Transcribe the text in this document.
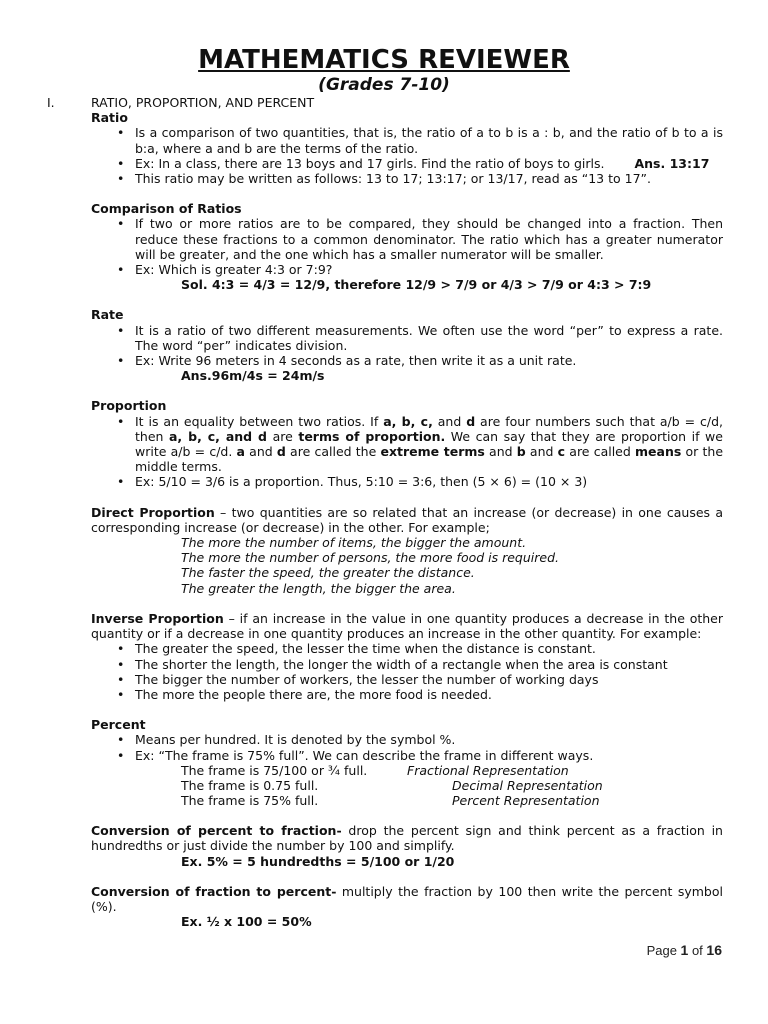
MATHEMATICS REVIEWER
(Grades 7-10)
I.	RATIO, PROPORTION, AND PERCENT
Ratio
• Is a comparison of two quantities, that is, the ratio of a to b is a : b, and the ratio of b to a is b:a, where a and b are the terms of the ratio.
• Ex: In a class, there are 13 boys and 17 girls. Find the ratio of boys to girls. Ans. 13:17
• This ratio may be written as follows: 13 to 17; 13:17; or 13/17, read as “13 to 17”.
Comparison of Ratios
• If two or more ratios are to be compared, they should be changed into a fraction. Then reduce these fractions to a common denominator. The ratio which has a greater numerator will be greater, and the one which has a smaller numerator will be smaller.
• Ex: Which is greater 4:3 or 7:9?
Sol. 4:3 = 4/3 = 12/9, therefore 12/9 > 7/9 or 4/3 > 7/9 or 4:3 > 7:9
Rate
• It is a ratio of two different measurements. We often use the word “per” to express a rate. The word “per” indicates division.
• Ex: Write 96 meters in 4 seconds as a rate, then write it as a unit rate.
Ans.96m/4s = 24m/s
Proportion
• It is an equality between two ratios. If a, b, c, and d are four numbers such that a/b = c/d, then a, b, c, and d are terms of proportion. We can say that they are proportion if we write a/b = c/d. a and d are called the extreme terms and b and c are called means or the middle terms.
• Ex: 5/10 = 3/6 is a proportion. Thus, 5:10 = 3:6, then (5 × 6) = (10 × 3)

Direct Proportion – two quantities are so related that an increase (or decrease) in one causes a corresponding increase (or decrease) in the other. For example;

The more the number of items, the bigger the amount.
The more the number of persons, the more food is required.
The faster the speed, the greater the distance.
The greater the length, the bigger the area.

Inverse Proportion – if an increase in the value in one quantity produces a decrease in the other quantity or if a decrease in one quantity produces an increase in the other quantity. For example:

• The greater the speed, the lesser the time when the distance is constant.
• The shorter the length, the longer the width of a rectangle when the area is constant
• The bigger the number of workers, the lesser the number of working days
• The more the people there are, the more food is needed.
Percent
• Means per hundred. It is denoted by the symbol %.
• Ex: “The frame is 75% full”. We can describe the frame in different ways.
The frame is 75/100 or ¾ full.	Fractional Representation
The frame is 0.75 full.	Decimal Representation
The frame is 75% full.	Percent Representation

Conversion of percent to fraction- drop the percent sign and think percent as a fraction in hundredths or just divide the number by 100 and simplify.

Ex. 5% = 5 hundredths = 5/100 or 1/20

Conversion of fraction to percent- multiply the fraction by 100 then write the percent symbol (%).

Ex. ½ x 100 = 50%
Page 1 of 16
